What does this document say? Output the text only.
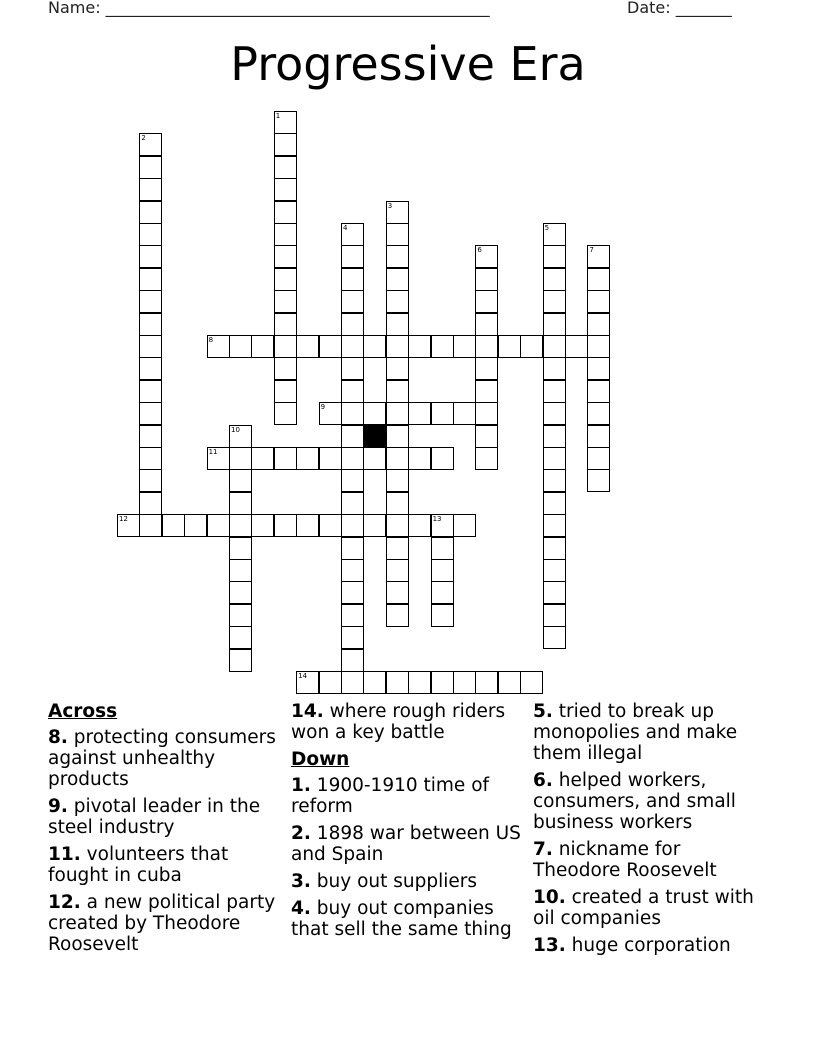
Name: ________________________________________________	Date: _______
Progressive Era
1
2
3
4	5
6	7
8
9
10
11
12	13
14
Across
8. protecting consumers against unhealthy products
9. pivotal leader in the steel industry
11. volunteers that fought in cuba
12. a new political party created by Theodore Roosevelt
14. where rough riders won a key battle
Down
1. 1900-1910 time of reform
2. 1898 war between US and Spain
3. buy out suppliers
4. buy out companies that sell the same thing
5. tried to break up monopolies and make them illegal
6. helped workers, consumers, and small business workers
7. nickname for Theodore Roosevelt
10. created a trust with oil companies
13. huge corporation
